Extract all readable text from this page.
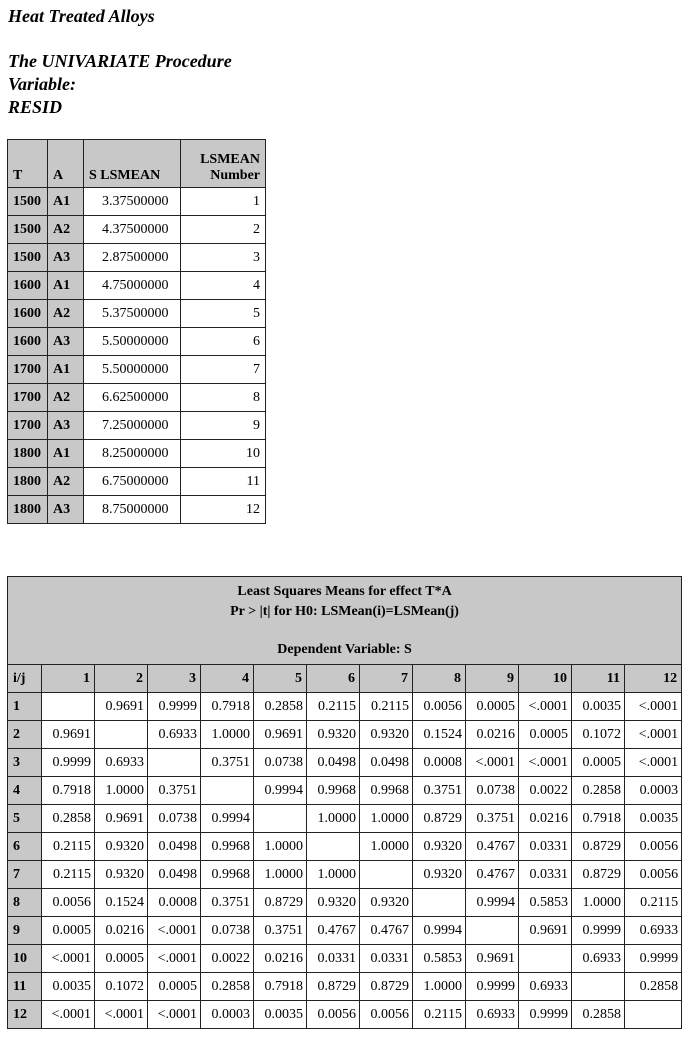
Heat Treated Alloys
The UNIVARIATE Procedure
Variable:
RESID
T	A	S LSMEAN	LSMEAN Number
1500	A1	3.37500000	1
1500	A2	4.37500000	2
1500	A3	2.87500000	3
1600	A1	4.75000000	4
1600	A2	5.37500000	5
1600	A3	5.50000000	6
1700	A1	5.50000000	7
1700	A2	6.62500000	8
1700	A3	7.25000000	9
1800	A1	8.25000000	10
1800	A2	6.75000000	11
1800	A3	8.75000000	12
Least Squares Means for effect T*A
Pr > |t| for H0: LSMean(i)=LSMean(j)
Dependent Variable: S												

i/j	1	2	3	4	5	6	7	8	9	10	11	12
1		0.9691	0.9999	0.7918	0.2858	0.2115	0.2115	0.0056	0.0005	<.0001	0.0035	<.0001
2	0.9691		0.6933	1.0000	0.9691	0.9320	0.9320	0.1524	0.0216	0.0005	0.1072	<.0001
3	0.9999	0.6933		0.3751	0.0738	0.0498	0.0498	0.0008	<.0001	<.0001	0.0005	<.0001
4	0.7918	1.0000	0.3751		0.9994	0.9968	0.9968	0.3751	0.0738	0.0022	0.2858	0.0003
5	0.2858	0.9691	0.0738	0.9994		1.0000	1.0000	0.8729	0.3751	0.0216	0.7918	0.0035
6	0.2115	0.9320	0.0498	0.9968	1.0000		1.0000	0.9320	0.4767	0.0331	0.8729	0.0056
7	0.2115	0.9320	0.0498	0.9968	1.0000	1.0000		0.9320	0.4767	0.0331	0.8729	0.0056
8	0.0056	0.1524	0.0008	0.3751	0.8729	0.9320	0.9320		0.9994	0.5853	1.0000	0.2115
9	0.0005	0.0216	<.0001	0.0738	0.3751	0.4767	0.4767	0.9994		0.9691	0.9999	0.6933
10	<.0001	0.0005	<.0001	0.0022	0.0216	0.0331	0.0331	0.5853	0.9691		0.6933	0.9999
11	0.0035	0.1072	0.0005	0.2858	0.7918	0.8729	0.8729	1.0000	0.9999	0.6933		0.2858
12	<.0001	<.0001	<.0001	0.0003	0.0035	0.0056	0.0056	0.2115	0.6933	0.9999	0.2858	
